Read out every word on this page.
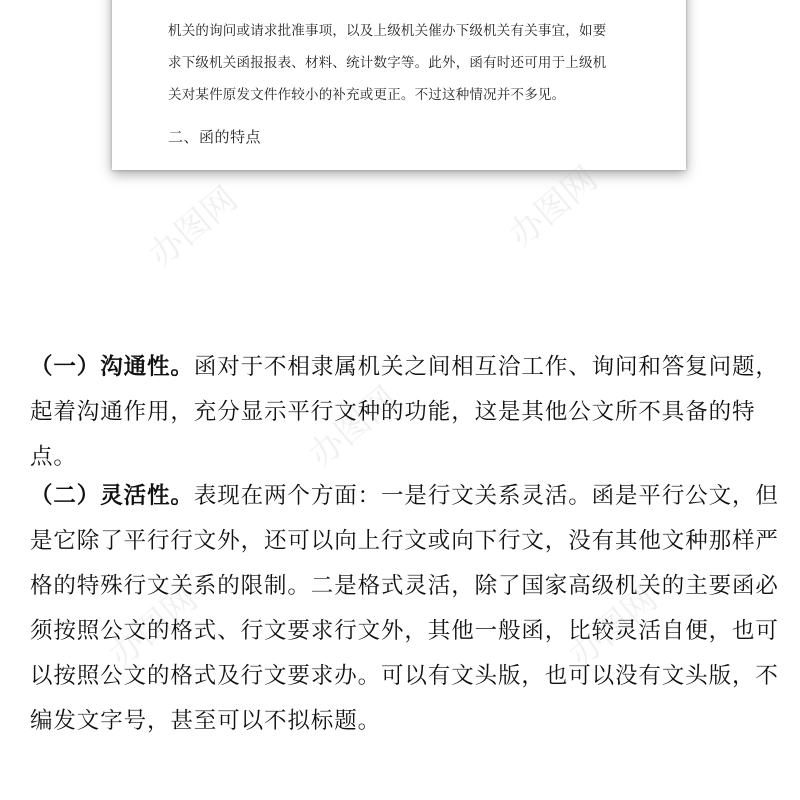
机关的询问或请求批准事项，以及上级机关催办下级机关有关事宜，如要
求下级机关函报报表、材料、统计数字等。此外，函有时还可用于上级机
关对某件原发文件作较小的补充或更正。不过这种情况并不多见。
二、函的特点
办图网	办图网
办图网
办图网	办图网
（一）沟通性。函对于不相隶属机关之间相互洽工作、询问和答复问题，起着沟通作用，充分显示平行文种的功能，这是其他公文所不具备的特点。
（二）灵活性。表现在两个方面：一是行文关系灵活。函是平行公文，但是它除了平行行文外，还可以向上行文或向下行文，没有其他文种那样严格的特殊行文关系的限制。二是格式灵活，除了国家高级机关的主要函必须按照公文的格式、行文要求行文外，其他一般函，比较灵活自便，也可以按照公文的格式及行文要求办。可以有文头版，也可以没有文头版，不编发文字号，甚至可以不拟标题。
